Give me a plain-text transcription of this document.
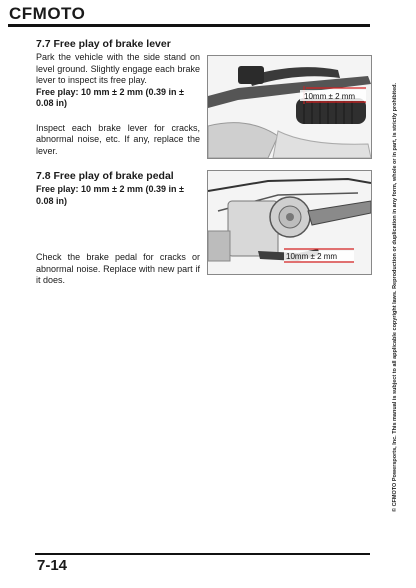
CFMOTO
7.7 Free play of brake lever
Park the vehicle with the side stand on level ground. Slightly engage each brake lever to inspect its free play.
Free play: 10 mm ± 2 mm (0.39 in ± 0.08 in)
Inspect each brake lever for cracks, abnormal noise, etc. If any, replace the lever.
10mm ± 2 mm
7.8 Free play of brake pedal
Free play: 10 mm ± 2 mm (0.39 in ± 0.08 in)
Check the brake pedal for cracks or abnormal noise. Replace with new part if it does.
10mm ± 2 mm	© CFMOTO Powersports, Inc. This manual is subject to all applicable copyright laws. Reproduction or duplication in any form, whole or in part, is strictly prohibited.
7-14
